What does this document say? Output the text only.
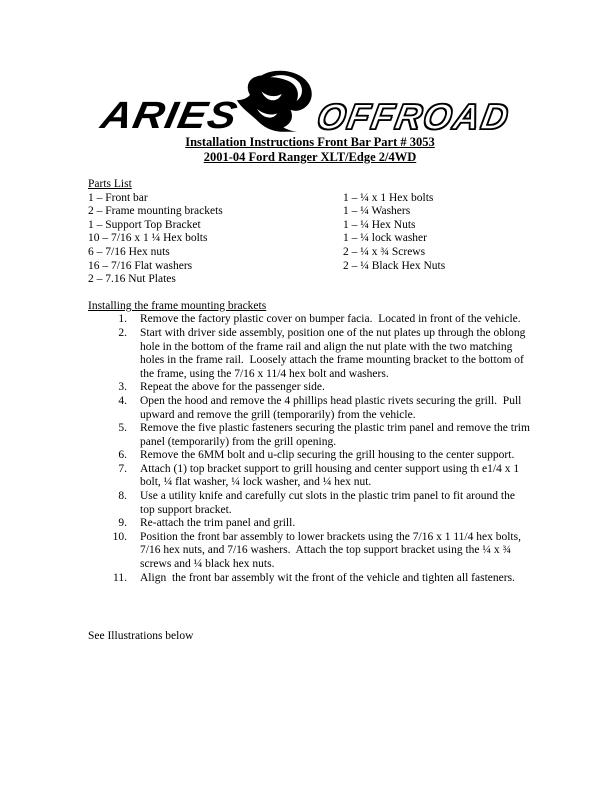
ARIES OFFROAD
Installation Instructions Front Bar Part # 3053
2001-04 Ford Ranger XLT/Edge 2/4WD
Parts List
1 – Front bar
2 – Frame mounting brackets
1 – Support Top Bracket
10 – 7/16 x 1 ¼ Hex bolts
6 – 7/16 Hex nuts
16 – 7/16 Flat washers
2 – 7.16 Nut Plates
1 – ¼ x 1 Hex bolts
1 – ¼ Washers
1 – ¼ Hex Nuts
1 – ¼ lock washer
2 – ¼ x ¾ Screws
2 – ¼ Black Hex Nuts
Installing the frame mounting brackets
1.	Remove the factory plastic cover on bumper facia.  Located in front of the vehicle.
2.	Start with driver side assembly, position one of the nut plates up through the oblong hole in the bottom of the frame rail and align the nut plate with the two matching holes in the frame rail.  Loosely attach the frame mounting bracket to the bottom of the frame, using the 7/16 x 11/4 hex bolt and washers.
3.	Repeat the above for the passenger side.
4.	Open the hood and remove the 4 phillips head plastic rivets securing the grill.  Pull upward and remove the grill (temporarily) from the vehicle.
5.	Remove the five plastic fasteners securing the plastic trim panel and remove the trim panel (temporarily) from the grill opening.
6.	Remove the 6MM bolt and u-clip securing the grill housing to the center support.
7.	Attach (1) top bracket support to grill housing and center support using th e1/4 x 1 bolt, ¼ flat washer, ¼ lock washer, and ¼ hex nut.
8.	Use a utility knife and carefully cut slots in the plastic trim panel to fit around the top support bracket.
9.	Re-attach the trim panel and grill.
10.	Position the front bar assembly to lower brackets using the 7/16 x 1 11/4 hex bolts, 7/16 hex nuts, and 7/16 washers.  Attach the top support bracket using the ¼ x ¾ screws and ¼ black hex nuts.
11.	Align  the front bar assembly wit the front of the vehicle and tighten all fasteners.
See Illustrations below
